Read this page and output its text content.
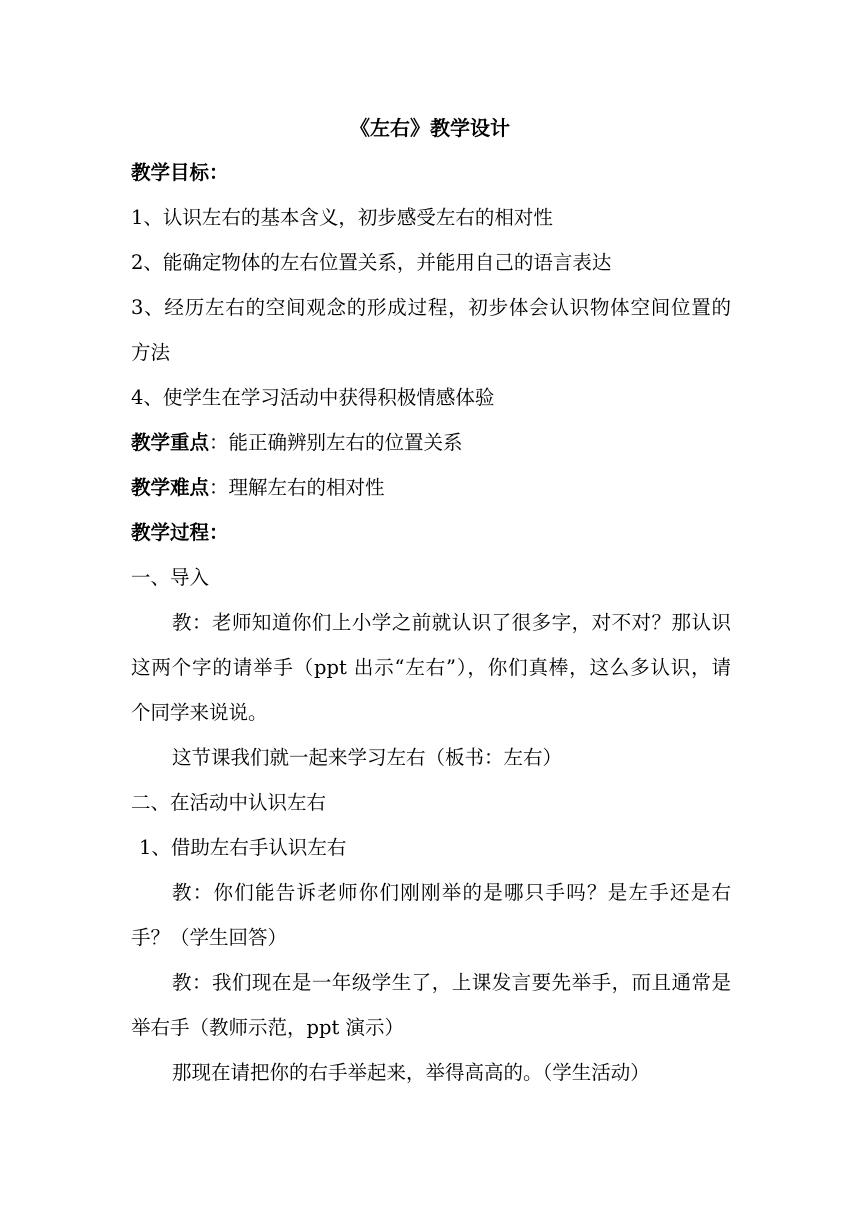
《左右》教学设计
教学目标：
1、认识左右的基本含义，初步感受左右的相对性
2、能确定物体的左右位置关系，并能用自己的语言表达
3、经历左右的空间观念的形成过程，初步体会认识物体空间位置的
方法
4、使学生在学习活动中获得积极情感体验
教学重点：能正确辨别左右的位置关系
教学难点：理解左右的相对性
教学过程：
一、导入
教：老师知道你们上小学之前就认识了很多字，对不对？那认识
这两个字的请举手（ppt 出示“左右”），你们真棒，这么多认识，请
个同学来说说。
这节课我们就一起来学习左右（板书：左右）
二、在活动中认识左右
1、借助左右手认识左右
教：你们能告诉老师你们刚刚举的是哪只手吗？是左手还是右
手？（学生回答）
教：我们现在是一年级学生了，上课发言要先举手，而且通常是
举右手（教师示范，ppt 演示）
那现在请把你的右手举起来，举得高高的。（学生活动）
